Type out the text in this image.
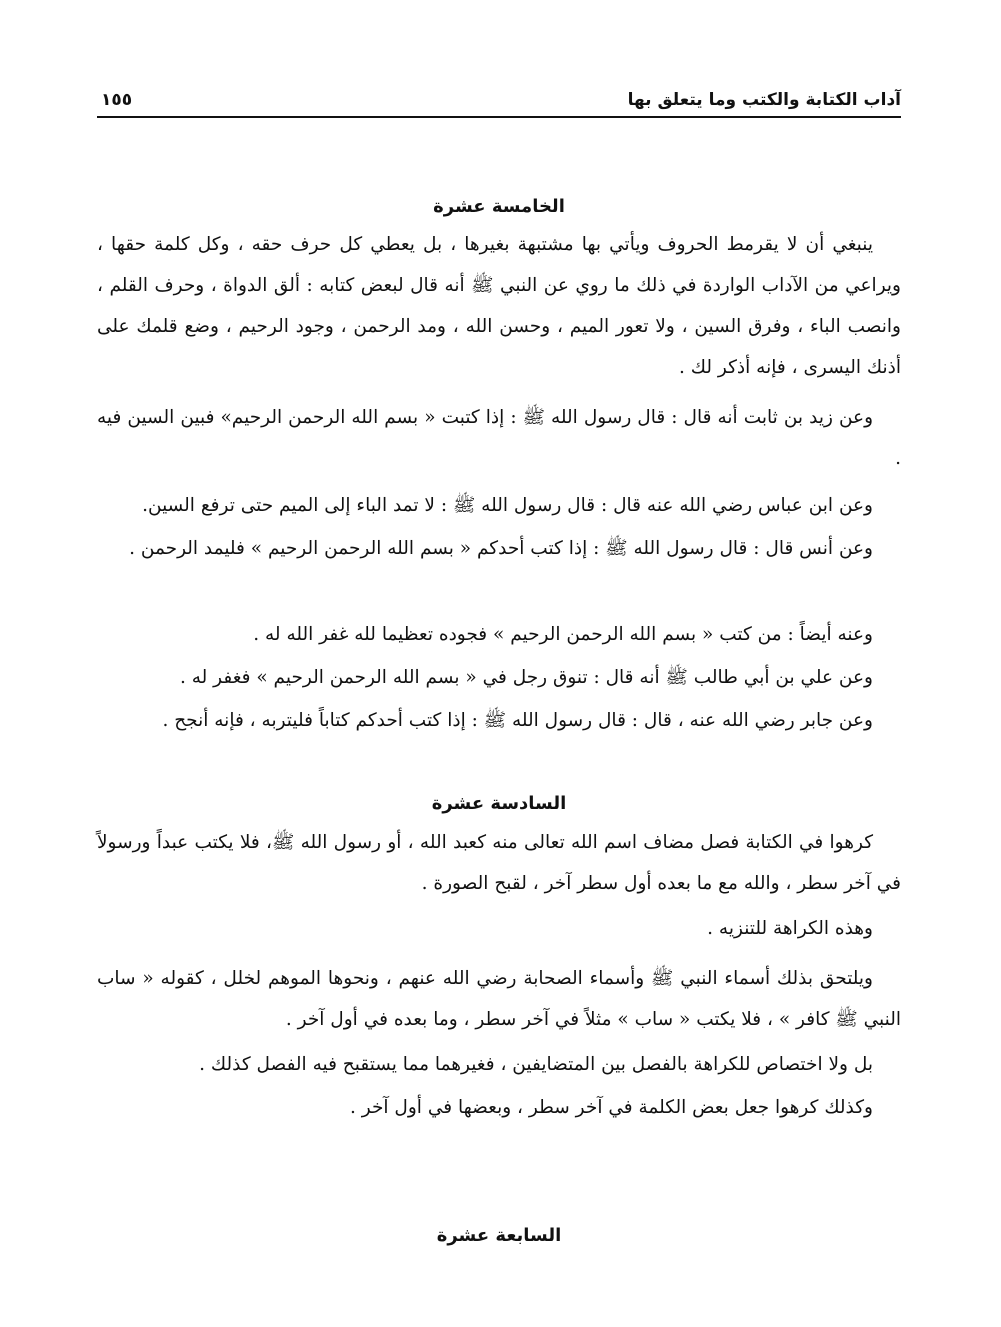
آداب الكتابة والكتب وما يتعلق بها
١٥٥
الخامسة عشرة

ينبغي أن لا يقرمط الحروف ويأتي بها مشتبهة بغيرها ، بل يعطي كل حرف حقه ، وكل كلمة حقها ، ويراعي من الآداب الواردة في ذلك ما روي عن النبي ﷺ أنه قال لبعض كتابه : ألق الدواة ، وحرف القلم ، وانصب الباء ، وفرق السين ، ولا تعور الميم ، وحسن الله ، ومد الرحمن ، وجود الرحيم ، وضع قلمك على أذنك اليسرى ، فإنه أذكر لك .

وعن زيد بن ثابت أنه قال : قال رسول الله ﷺ : إذا كتبت « بسم الله الرحمن الرحيم» فبين السين فيه .

وعن ابن عباس رضي الله عنه قال : قال رسول الله ﷺ : لا تمد الباء إلى الميم حتى ترفع السين.

وعن أنس قال : قال رسول الله ﷺ : إذا كتب أحدكم « بسم الله الرحمن الرحيم » فليمد الرحمن .

وعنه أيضاً : من كتب « بسم الله الرحمن الرحيم » فجوده تعظيما لله غفر الله له .

وعن علي بن أبي طالب ﷺ أنه قال : تنوق رجل في « بسم الله الرحمن الرحيم » فغفر له .

وعن جابر رضي الله عنه ، قال : قال رسول الله ﷺ : إذا كتب أحدكم كتاباً فليتربه ، فإنه أنجح .

السادسة عشرة

كرهوا في الكتابة فصل مضاف اسم الله تعالى منه كعبد الله ، أو رسول الله ﷺ، فلا يكتب عبداً ورسولاً في آخر سطر ، والله مع ما بعده أول سطر آخر ، لقبح الصورة .

وهذه الكراهة للتنزيه .

ويلتحق بذلك أسماء النبي ﷺ وأسماء الصحابة رضي الله عنهم ، ونحوها الموهم لخلل ، كقوله « ساب النبي ﷺ كافر » ، فلا يكتب « ساب » مثلاً في آخر سطر ، وما بعده في أول آخر .

بل ولا اختصاص للكراهة بالفصل بين المتضايفين ، فغيرهما مما يستقبح فيه الفصل كذلك .

وكذلك كرهوا جعل بعض الكلمة في آخر سطر ، وبعضها في أول آخر .

السابعة عشرة
